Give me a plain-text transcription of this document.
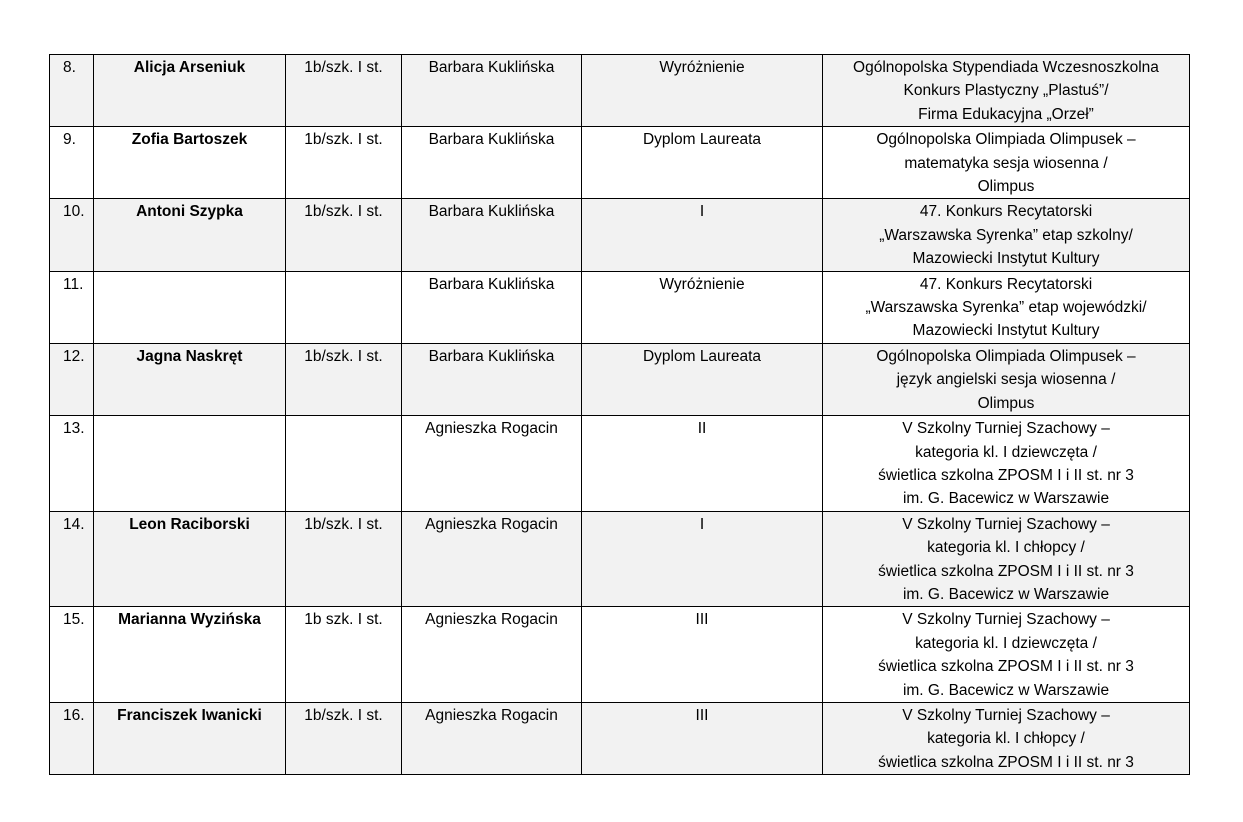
8.	Alicja Arseniuk	1b/szk. I st.	Barbara Kuklińska	Wyróżnienie	Ogólnopolska Stypendiada Wczesnoszkolna
Konkurs Plastyczny „Plastuś”/
Firma Edukacyjna „Orzeł”

9.	Zofia Bartoszek	1b/szk. I st.	Barbara Kuklińska	Dyplom Laureata	Ogólnopolska Olimpiada Olimpusek –
matematyka sesja wiosenna /
Olimpus

10.	Antoni Szypka	1b/szk. I st.	Barbara Kuklińska	I	47. Konkurs Recytatorski
„Warszawska Syrenka” etap szkolny/
Mazowiecki Instytut Kultury

11.			Barbara Kuklińska	Wyróżnienie	47. Konkurs Recytatorski
„Warszawska Syrenka” etap wojewódzki/
Mazowiecki Instytut Kultury

12.	Jagna Naskręt	1b/szk. I st.	Barbara Kuklińska	Dyplom Laureata	Ogólnopolska Olimpiada Olimpusek –
język angielski sesja wiosenna /
Olimpus

13.			Agnieszka Rogacin	II	V Szkolny Turniej Szachowy –
kategoria kl. I dziewczęta /
świetlica szkolna ZPOSM I i II st. nr 3
im. G. Bacewicz w Warszawie

14.	Leon Raciborski	1b/szk. I st.	Agnieszka Rogacin	I	V Szkolny Turniej Szachowy –
kategoria kl. I chłopcy /
świetlica szkolna ZPOSM I i II st. nr 3
im. G. Bacewicz w Warszawie

15.	Marianna Wyzińska	1b szk. I st.	Agnieszka Rogacin	III	V Szkolny Turniej Szachowy –
kategoria kl. I dziewczęta /
świetlica szkolna ZPOSM I i II st. nr 3
im. G. Bacewicz w Warszawie

16.	Franciszek Iwanicki	1b/szk. I st.	Agnieszka Rogacin	III	V Szkolny Turniej Szachowy –
kategoria kl. I chłopcy /
świetlica szkolna ZPOSM I i II st. nr 3
